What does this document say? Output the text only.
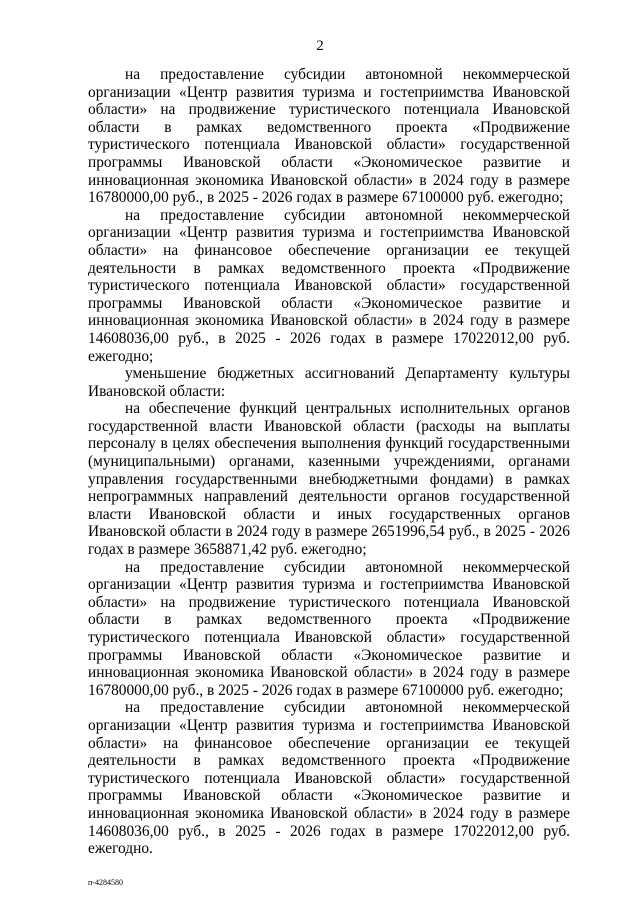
2

на предоставление субсидии автономной некоммерческой организации «Центр развития туризма и гостеприимства Ивановской области» на продвижение туристического потенциала Ивановской области в рамках ведомственного проекта «Продвижение туристического потенциала Ивановской области» государственной программы Ивановской области «Экономическое развитие и инновационная экономика Ивановской области» в 2024 году в размере 16780000,00 руб., в 2025 - 2026 годах в размере 67100000 руб. ежегодно;

на предоставление субсидии автономной некоммерческой организации «Центр развития туризма и гостеприимства Ивановской области» на финансовое обеспечение организации ее текущей деятельности в рамках ведомственного проекта «Продвижение туристического потенциала Ивановской области» государственной программы Ивановской области «Экономическое развитие и инновационная экономика Ивановской области» в 2024 году в размере 14608036,00 руб., в 2025 - 2026 годах в размере 17022012,00 руб. ежегодно;

уменьшение бюджетных ассигнований Департаменту культуры Ивановской области:

на обеспечение функций центральных исполнительных органов государственной власти Ивановской области (расходы на выплаты персоналу в целях обеспечения выполнения функций государственными (муниципальными) органами, казенными учреждениями, органами управления государственными внебюджетными фондами) в рамках непрограммных направлений деятельности органов государственной власти Ивановской области и иных государственных органов Ивановской области в 2024 году в размере 2651996,54 руб., в 2025 - 2026 годах в размере 3658871,42 руб. ежегодно;

на предоставление субсидии автономной некоммерческой организации «Центр развития туризма и гостеприимства Ивановской области» на продвижение туристического потенциала Ивановской области в рамках ведомственного проекта «Продвижение туристического потенциала Ивановской области» государственной программы Ивановской области «Экономическое развитие и инновационная экономика Ивановской области» в 2024 году в размере 16780000,00 руб., в 2025 - 2026 годах в размере 67100000 руб. ежегодно;

на предоставление субсидии автономной некоммерческой организации «Центр развития туризма и гостеприимства Ивановской области» на финансовое обеспечение организации ее текущей деятельности в рамках ведомственного проекта «Продвижение туристического потенциала Ивановской области» государственной программы Ивановской области «Экономическое развитие и инновационная экономика Ивановской области» в 2024 году в размере 14608036,00 руб., в 2025 - 2026 годах в размере 17022012,00 руб. ежегодно.

п-4284580
